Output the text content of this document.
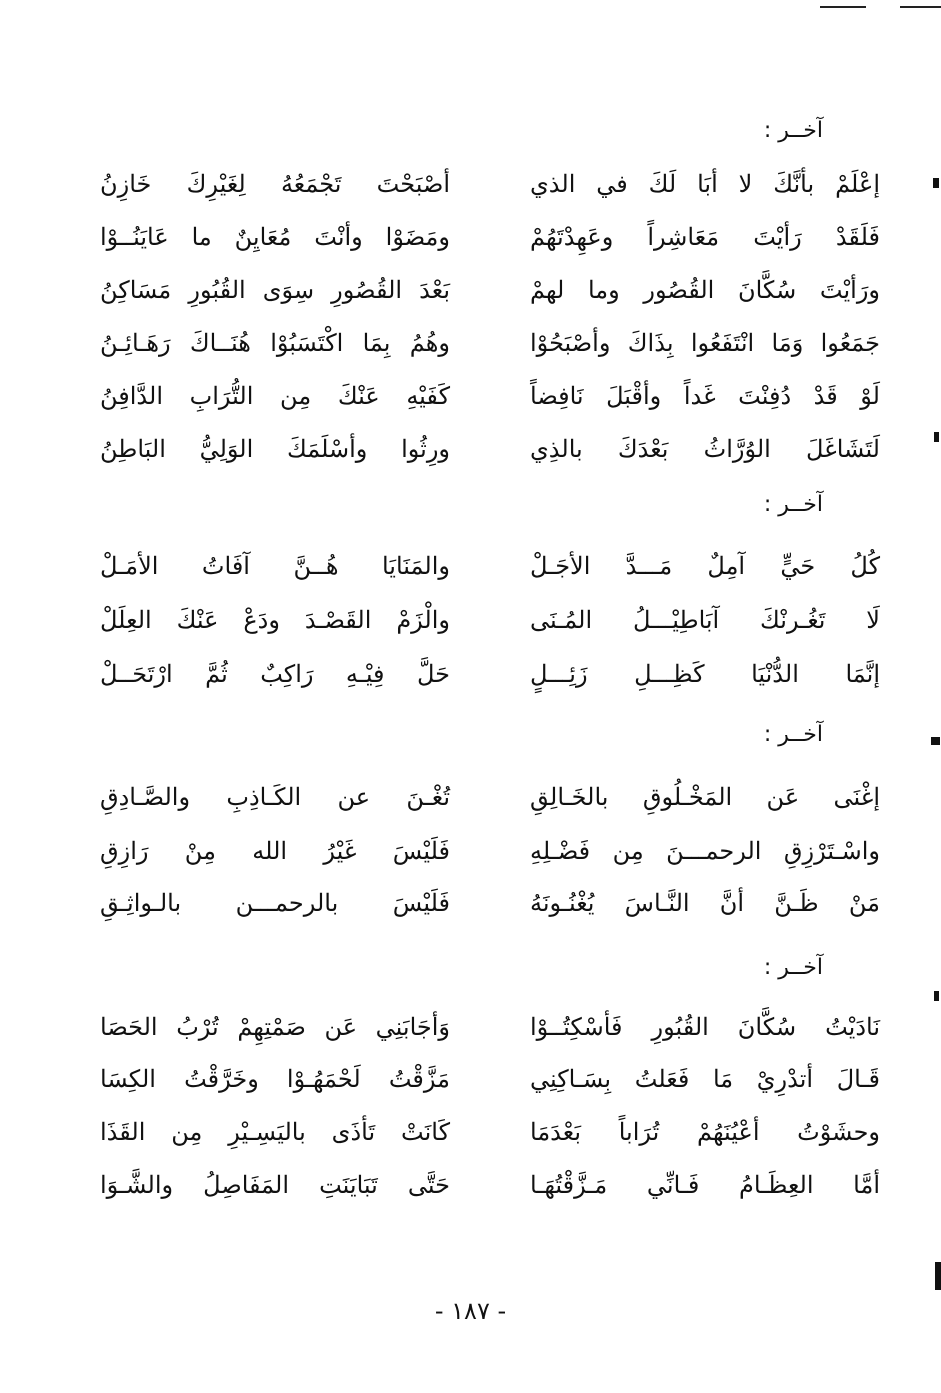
آخــر :
إعْلَمْ بأنَّكَ لا أبَا لَكَ في الذي
أصْبَحْتَ تَجْمَعُهُ لِغَيْرِكَ خَازِنُ
فَلَقَدْ رَأيْتَ مَعَاشِراً وعَهِدْتَهُمْ
ومَضَوْا وأنْتَ مُعَايِنٌ ما عَايَنُــوْا
ورَأيْتَ سُكَّانَ القُصُور وما لهمْ
بَعْدَ القُصُورِ سِوَى القُبُورِ مَسَاكِنُ
جَمَعُوا وَمَا انْتَفَعُوا بِذَاكَ وأصْبَحُوْا
وهُمُ بِمَا اكْتَسَبُوْا هُنَــاكَ رَهَـائِـنُ
لَوْ قَدْ دُفِنْتَ غَداً وأقْبَلَ نَافِضاً
كَفَيْهِ عَنْكَ مِن التُّرَابِ الدَّافِنُ
لَتَشَاغَلَ الوُرَّاثُ بَعْدَكَ بالذِي
ورِثُوا وأسْلَمَكَ الوَلِيُّ البَاطِنُ
آخــر :
كُلُ حَيٍّ آمِلٌ مَـــدَّ الأجَـلْ
والمَنَايَا هُــنَّ آفَاتُ الأمَـلْ
لَا تَغُـرنْكَ آبَاطِيْـــلُ المُـنَى
والْزَمْ القَصْـدَ ودَعْ عَنْكَ العِلَلْ
إنَّمَا الدُّنْيَا كَظِـــلِ زَئِـــلٍ
حَلَّ فِيْـهِ رَاكِبٌ ثُمَّ ارْتَحَــلْ
آخــر :
إغْنَى عَن المَخْـلُوقِ بالخَـالِقِ
تُغْـنَ عن الكَـاذِبِ والصَّـادِقِ
واسْـتَرْزِقِ الرحمـــنَ مِن فَضْـلِهِ
فَلَيْسَ غَيْرُ الله مِنْ رَازِقِ
مَنْ ظَـنَّ أنَّ النَّـاسَ يُغْنُـونَهُ
فَلَيْسَ بالرحمـــن بالـواثِـقِ
آخــر :
نَادَيْتُ سُكَّانَ القُبُورِ فَأسْكِتُــوْا
وَأجَابَنِي عَن صَمْتِهِمْ تُرْبُ الحَصَا
قَـالَ أتدْرِيْ مَا فَعَلتُ بِسَـاكِنِي
مَزَّقْتُ لَحْمَهُـوْا وخَرَّقْتُ الكِسَا
وحشَوْتُ أعْيُنَهُمْ تُرَاباً بَعْدَمَا
كَانَتْ تَأذَى باليَسِـيْرِ مِن القَذَا
أمَّا العِظَـامُ فَـانِّي مَـزَّقْتُهَـا
حَتَّى تَبَايَنَتِ المَفَاصِلُ والشَّـوَا
- ١٨٧ -
